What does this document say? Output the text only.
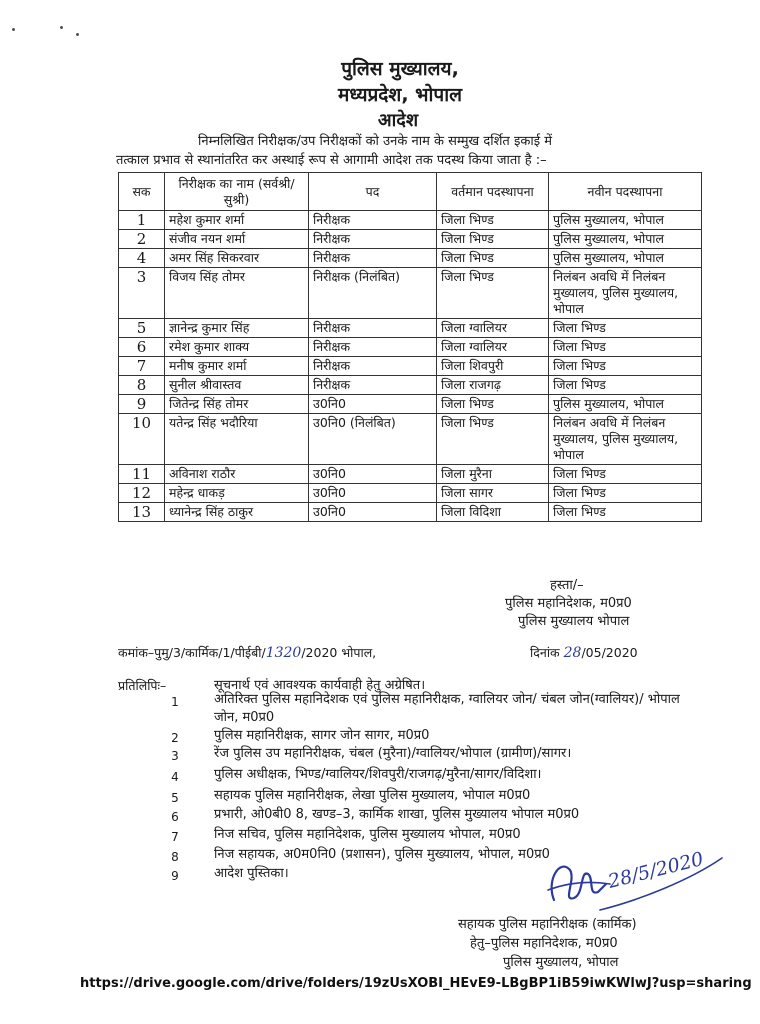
पुलिस मुख्यालय,
मध्यप्रदेश, भोपाल
आदेश
निम्नलिखित निरीक्षक/उप निरीक्षकों को उनके नाम के सम्मुख दर्शित इकाई में
तत्काल प्रभाव से स्थानांतरित कर अस्थाई रूप से आगामी आदेश तक पदस्थ किया जाता है :–
सक	निरीक्षक का नाम (सर्वश्री/सुश्री)	पद	वर्तमान पदस्थापना	नवीन पदस्थापना
1	महेश कुमार शर्मा	निरीक्षक	जिला भिण्ड	पुलिस मुख्यालय, भोपाल
2	संजीव नयन शर्मा	निरीक्षक	जिला भिण्ड	पुलिस मुख्यालय, भोपाल
4	अमर सिंह सिकरवार	निरीक्षक	जिला भिण्ड	पुलिस मुख्यालय, भोपाल
3	विजय सिंह तोमर	निरीक्षक (निलंबित)	जिला भिण्ड	निलंबन अवधि में निलंबन मुख्यालय, पुलिस मुख्यालय, भोपाल
5	ज्ञानेन्द्र कुमार सिंह	निरीक्षक	जिला ग्वालियर	जिला भिण्ड
6	रमेश कुमार शाक्य	निरीक्षक	जिला ग्वालियर	जिला भिण्ड
7	मनीष कुमार शर्मा	निरीक्षक	जिला शिवपुरी	जिला भिण्ड
8	सुनील श्रीवास्तव	निरीक्षक	जिला राजगढ़	जिला भिण्ड
9	जितेन्द्र सिंह तोमर	उ0नि0	जिला भिण्ड	पुलिस मुख्यालय, भोपाल
10	यतेन्द्र सिंह भदौरिया	उ0नि0 (निलंबित)	जिला भिण्ड	निलंबन अवधि में निलंबन मुख्यालय, पुलिस मुख्यालय, भोपाल
11	अविनाश राठौर	उ0नि0	जिला मुरैना	जिला भिण्ड
12	महेन्द्र धाकड़	उ0नि0	जिला सागर	जिला भिण्ड
13	ध्यानेन्द्र सिंह ठाकुर	उ0नि0	जिला विदिशा	जिला भिण्ड
हस्ता/–
पुलिस महानिदेशक, म0प्र0
पुलिस मुख्यालय भोपाल
कमांक–पुमु/3/कार्मिक/1/पीईबी/1320/2020 भोपाल,	दिनांक 28/05/2020
प्रतिलिपिः–	सूचनार्थ एवं आवश्यक कार्यवाही हेतु अग्रेषित।
1	अतिरिक्त पुलिस महानिदेशक एवं पुलिस महानिरीक्षक, ग्वालियर जोन/ चंबल जोन(ग्वालियर)/ भोपाल जोन, म0प्र0
2	पुलिस महानिरीक्षक, सागर जोन सागर, म0प्र0
3	रेंज पुलिस उप महानिरीक्षक, चंबल (मुरैना)/ग्वालियर/भोपाल (ग्रामीण)/सागर।
4	पुलिस अधीक्षक, भिण्ड/ग्वालियर/शिवपुरी/राजगढ़/मुरैना/सागर/विदिशा।
5	सहायक पुलिस महानिरीक्षक, लेखा पुलिस मुख्यालय, भोपाल म0प्र0
6	प्रभारी, ओ0बी0 8, खण्ड–3, कार्मिक शाखा, पुलिस मुख्यालय भोपाल म0प्र0
7	निज सचिव, पुलिस महानिदेशक, पुलिस मुख्यालय भोपाल, म0प्र0
8	निज सहायक, अ0म0नि0 (प्रशासन), पुलिस मुख्यालय, भोपाल, म0प्र0
9	आदेश पुस्तिका।	28/5/2020
सहायक पुलिस महानिरीक्षक (कार्मिक)
हेतु–पुलिस महानिदेशक, म0प्र0
पुलिस मुख्यालय, भोपाल
https://drive.google.com/drive/folders/19zUsXOBI_HEvE9-LBgBP1iB59iwKWlwJ?usp=sharing
